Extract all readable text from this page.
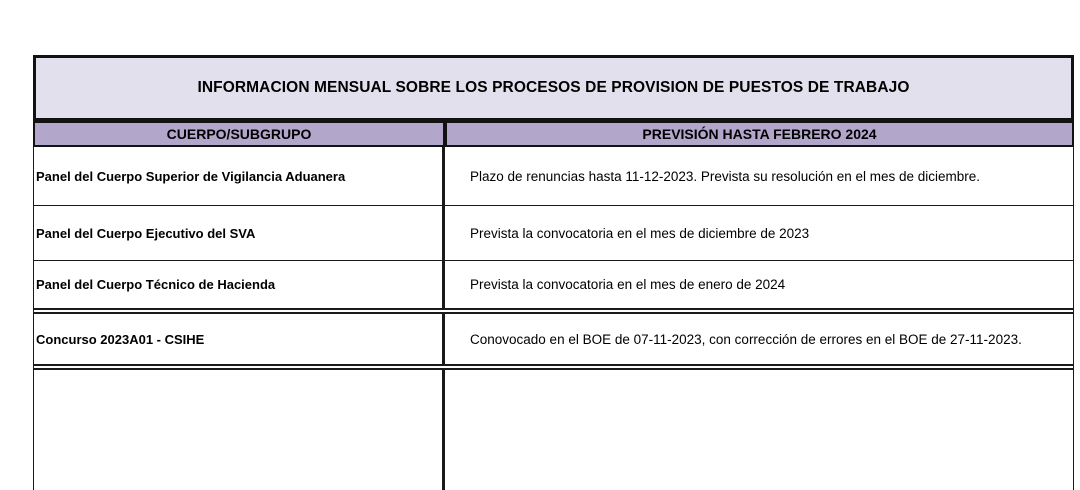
INFORMACION MENSUAL SOBRE LOS PROCESOS DE PROVISION DE PUESTOS DE TRABAJO
CUERPO/SUBGRUPO	PREVISIÓN HASTA FEBRERO 2024
Panel del Cuerpo Superior de Vigilancia Aduanera	Plazo de renuncias hasta 11-12-2023. Prevista su resolución en el mes de diciembre.
Panel del Cuerpo Ejecutivo del SVA	Prevista la convocatoria en el mes de diciembre de 2023
Panel del Cuerpo Técnico de Hacienda	Prevista la convocatoria en el mes de enero de 2024
Concurso 2023A01 - CSIHE	Conovocado en el BOE de 07-11-2023, con corrección de errores en el BOE de 27-11-2023.
